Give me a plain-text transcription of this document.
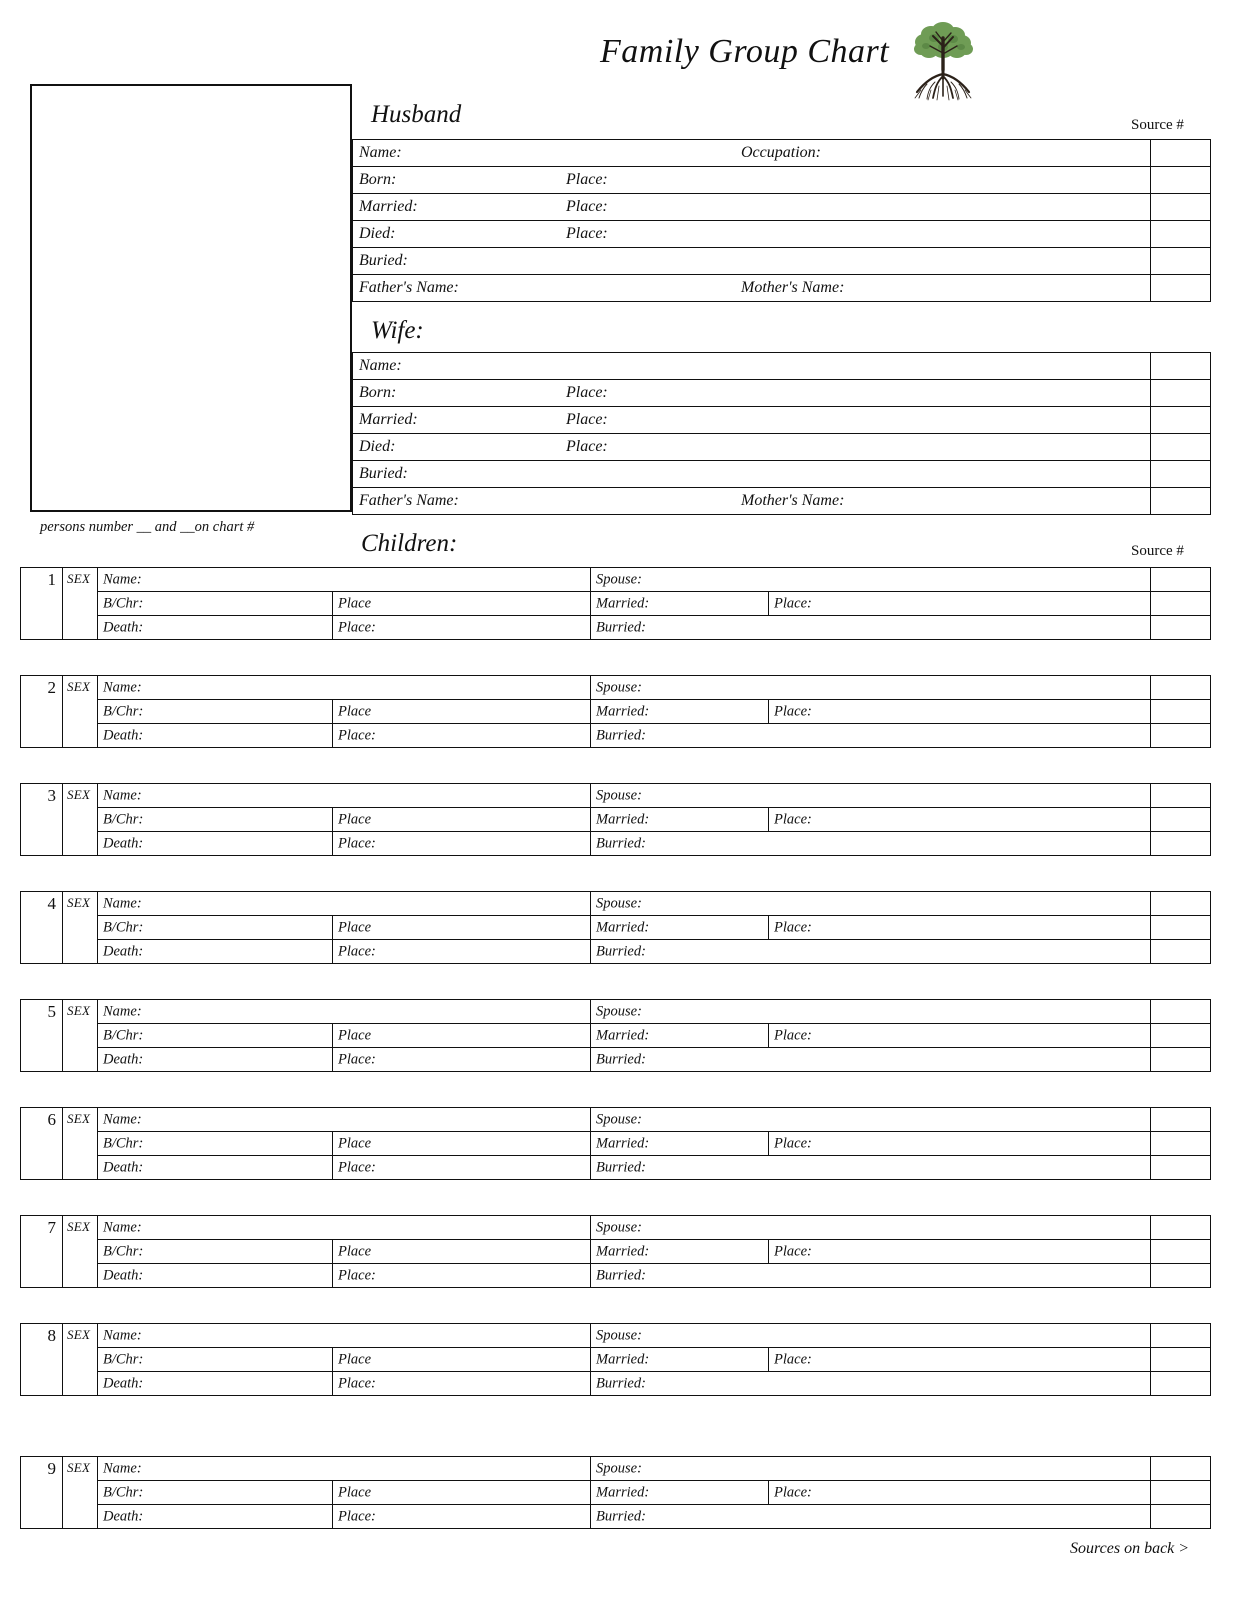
Family Group Chart
Source #
Husband
Name: Occupation:	

Born: Place:	

Married: Place:	

Died: Place:	

Buried:	

Father's Name: Mother's Name:	

Wife:
Name:	

Born: Place:	

Married: Place:	

Died: Place:	

Buried:	

Father's Name: Mother's Name:	

persons number __ and __on chart #
Children:	Source #
1	SEX	Name:		Spouse:		

		B/Chr:	Place	Married:	Place:	

		Death:	Place:	Burried:		

2	SEX	Name:		Spouse:		

		B/Chr:	Place	Married:	Place:	

		Death:	Place:	Burried:		

3	SEX	Name:		Spouse:		

		B/Chr:	Place	Married:	Place:	

		Death:	Place:	Burried:		

4	SEX	Name:		Spouse:		

		B/Chr:	Place	Married:	Place:	

		Death:	Place:	Burried:		

5	SEX	Name:		Spouse:		

		B/Chr:	Place	Married:	Place:	

		Death:	Place:	Burried:		

6	SEX	Name:		Spouse:		

		B/Chr:	Place	Married:	Place:	

		Death:	Place:	Burried:		

7	SEX	Name:		Spouse:		

		B/Chr:	Place	Married:	Place:	

		Death:	Place:	Burried:		

8	SEX	Name:		Spouse:		

		B/Chr:	Place	Married:	Place:	

		Death:	Place:	Burried:		

9	SEX	Name:		Spouse:		

		B/Chr:	Place	Married:	Place:	

		Death:	Place:	Burried:		

Sources on back >
